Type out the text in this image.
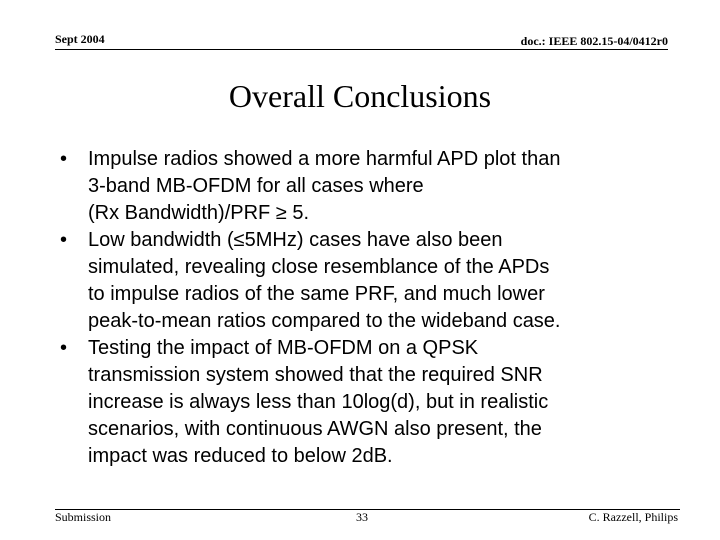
Sept 2004	doc.: IEEE 802.15-04/0412r0
Overall Conclusions
• Impulse radios showed a more harmful APD plot than
3-band MB-OFDM for all cases where
(Rx Bandwidth)/PRF ≥ 5.
• Low bandwidth (≤5MHz) cases have also been
simulated, revealing close resemblance of the APDs
to impulse radios of the same PRF, and much lower
peak-to-mean ratios compared to the wideband case.
• Testing the impact of MB-OFDM on a QPSK
transmission system showed that the required SNR
increase is always less than 10log(d), but in realistic
scenarios, with continuous AWGN also present, the
impact was reduced to below 2dB.
Submission	33	C. Razzell, Philips
